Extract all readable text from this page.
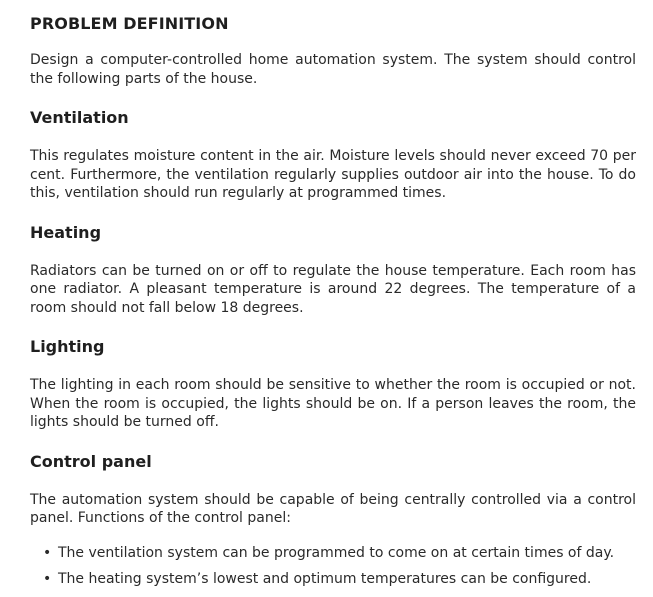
PROBLEM DEFINITION

Design a computer-controlled home automation system. The system should control the following parts of the house.

Ventilation

This regulates moisture content in the air. Moisture levels should never exceed 70 per cent. Furthermore, the ventilation regularly supplies outdoor air into the house. To do this, ventilation should run regularly at programmed times.

Heating

Radiators can be turned on or off to regulate the house temperature. Each room has one radiator. A pleasant temperature is around 22 degrees. The temperature of a room should not fall below 18 degrees.

Lighting

The lighting in each room should be sensitive to whether the room is occupied or not. When the room is occupied, the lights should be on. If a person leaves the room, the lights should be turned off.

Control panel

The automation system should be capable of being centrally controlled via a control panel. Functions of the control panel:

• The ventilation system can be programmed to come on at certain times of day.
• The heating system’s lowest and optimum temperatures can be configured.
